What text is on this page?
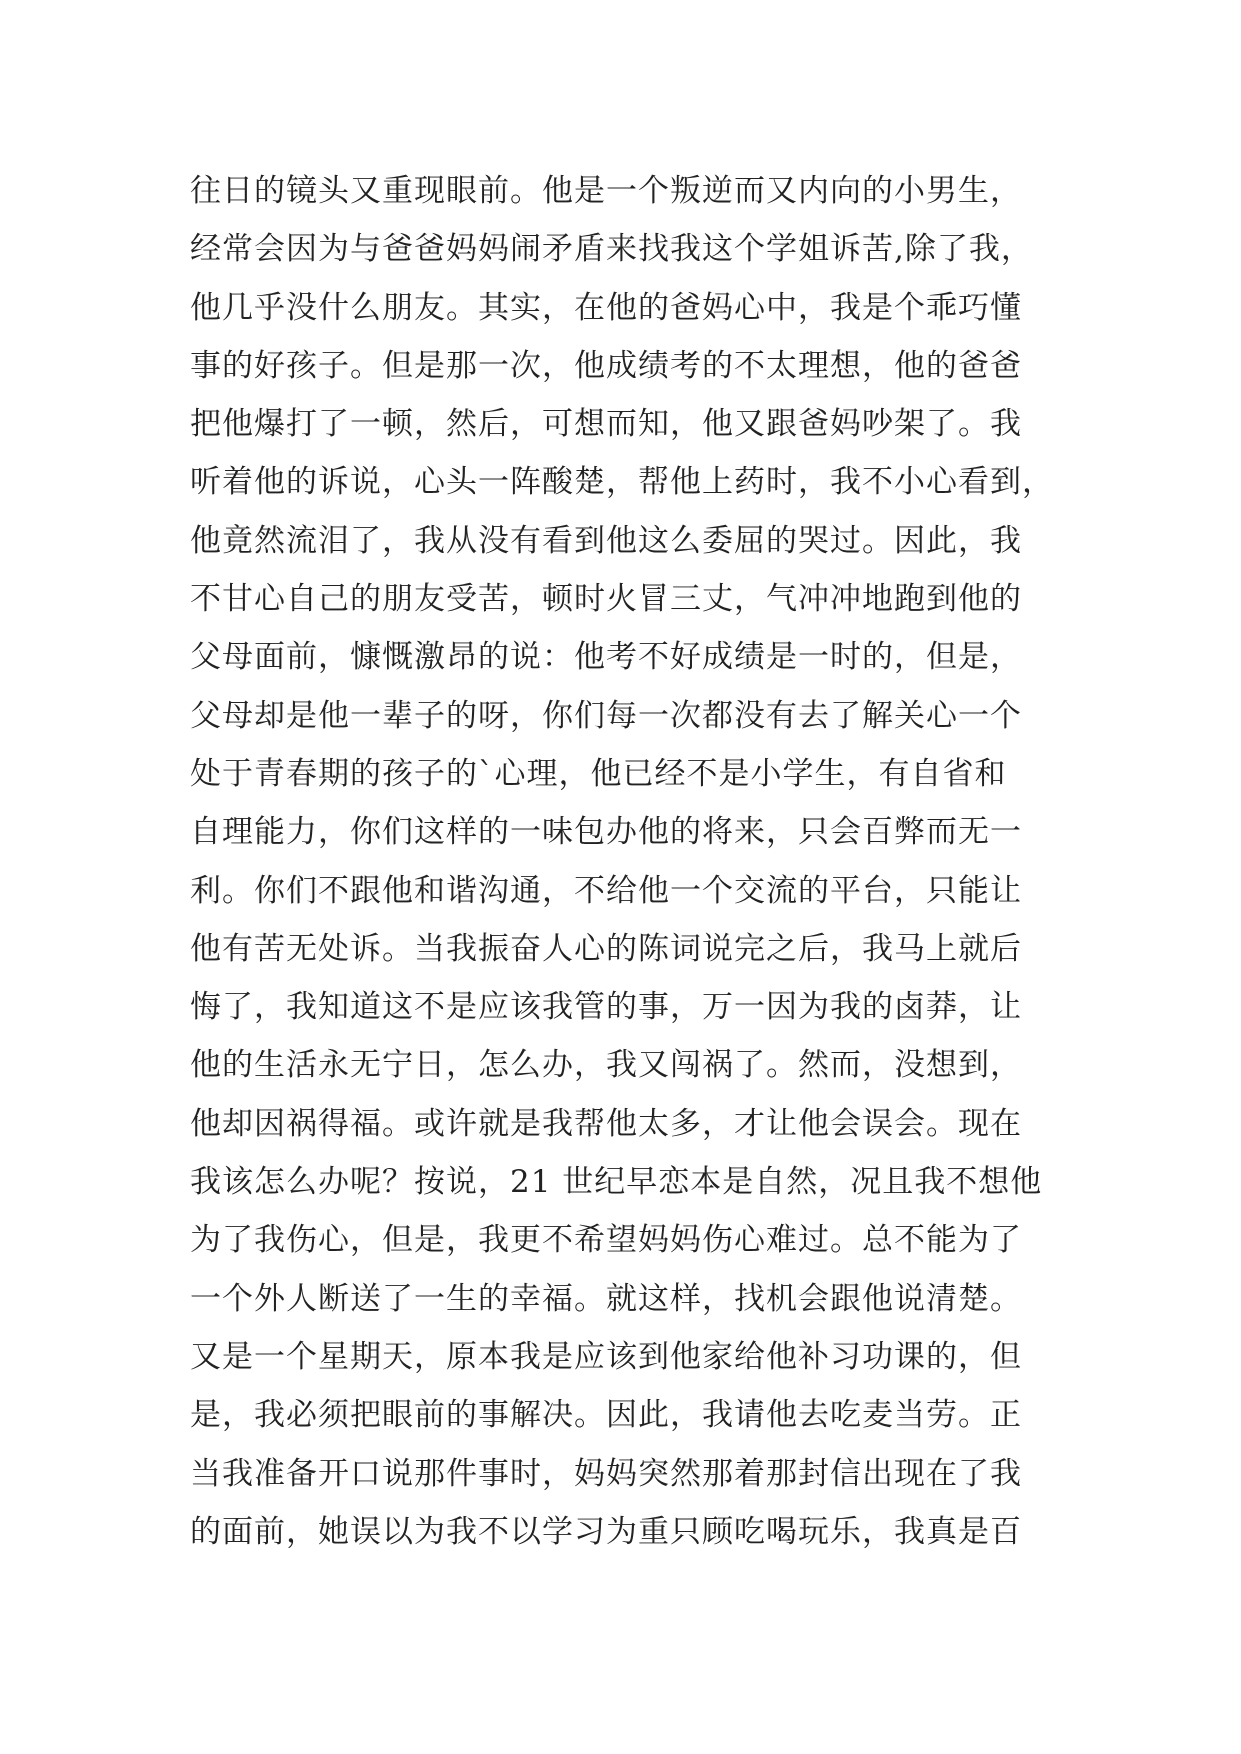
往日的镜头又重现眼前。他是一个叛逆而又内向的小男生，
经常会因为与爸爸妈妈闹矛盾来找我这个学姐诉苦,除了我，
他几乎没什么朋友。其实，在他的爸妈心中，我是个乖巧懂
事的好孩子。但是那一次，他成绩考的不太理想，他的爸爸
把他爆打了一顿，然后，可想而知，他又跟爸妈吵架了。我
听着他的诉说，心头一阵酸楚，帮他上药时，我不小心看到，
他竟然流泪了，我从没有看到他这么委屈的哭过。因此，我
不甘心自己的朋友受苦，顿时火冒三丈，气冲冲地跑到他的
父母面前，慷慨激昂的说：他考不好成绩是一时的，但是，
父母却是他一辈子的呀，你们每一次都没有去了解关心一个
处于青春期的孩子的`心理，他已经不是小学生，有自省和
自理能力，你们这样的一味包办他的将来，只会百弊而无一
利。你们不跟他和谐沟通，不给他一个交流的平台，只能让
他有苦无处诉。当我振奋人心的陈词说完之后，我马上就后
悔了，我知道这不是应该我管的事，万一因为我的卤莽，让
他的生活永无宁日，怎么办，我又闯祸了。然而，没想到，
他却因祸得福。或许就是我帮他太多，才让他会误会。现在
我该怎么办呢？按说，21 世纪早恋本是自然，况且我不想他
为了我伤心，但是，我更不希望妈妈伤心难过。总不能为了
一个外人断送了一生的幸福。就这样，找机会跟他说清楚。
又是一个星期天，原本我是应该到他家给他补习功课的，但
是，我必须把眼前的事解决。因此，我请他去吃麦当劳。正
当我准备开口说那件事时，妈妈突然那着那封信出现在了我
的面前，她误以为我不以学习为重只顾吃喝玩乐，我真是百
